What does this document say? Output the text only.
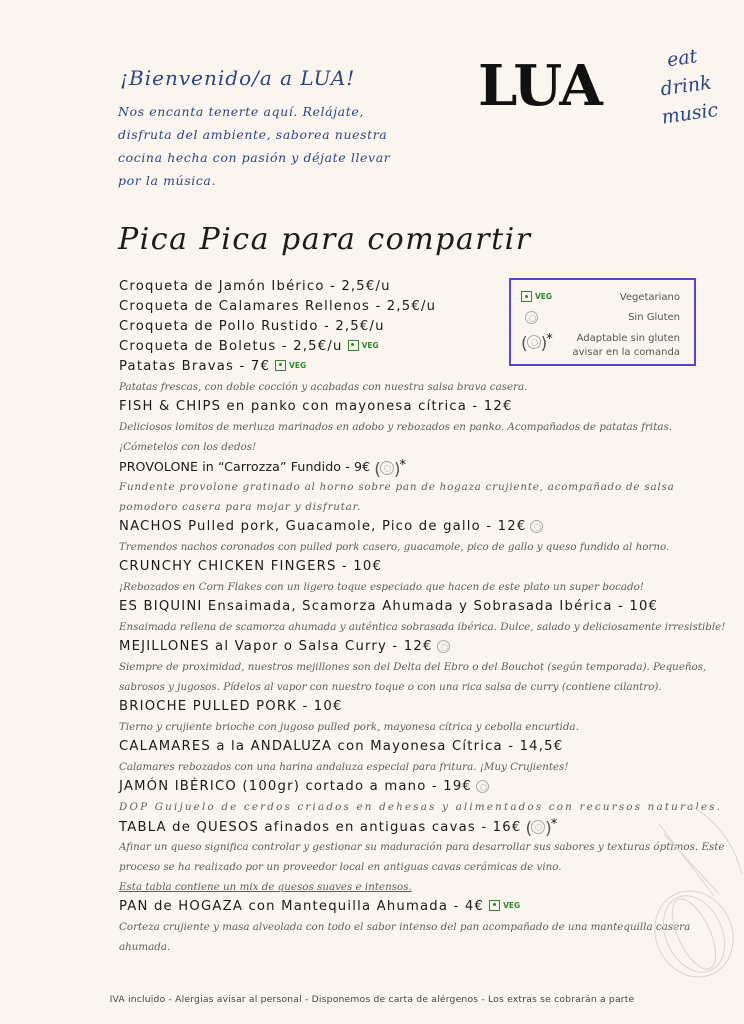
¡Bienvenido/a a LUA!
Nos encanta tenerte aquí. Relájate,
disfruta del ambiente, saborea nuestra
cocina hecha con pasión y déjate llevar
por la música.
LUA	eat
drink
music
Pica Pica para compartir
VEG	Vegetariano
Sin Gluten
( )* Adaptable sin gluten
avisar en la comanda
Croqueta de Jamón Ibérico - 2,5€/u
Croqueta de Calamares Rellenos - 2,5€/u
Croqueta de Pollo Rustido - 2,5€/u
Croqueta de Boletus - 2,5€/u	VEG
Patatas Bravas - 7€	VEG
Patatas frescas, con doble cocción y acabadas con nuestra salsa brava casera.
FISH & CHIPS en panko con mayonesa cítrica - 12€
Deliciosos lomitos de merluza marinados en adobo y rebozados en panko. Acompañados de patatas fritas.
¡Cómetelos con los dedos!
PROVOLONE in “Carrozza” Fundido - 9€ ( )*
Fundente provolone gratinado al horno sobre pan de hogaza crujiente, acompañado de salsa
pomodoro casera para mojar y disfrutar.
NACHOS Pulled pork, Guacamole, Pico de gallo - 12€
Tremendos nachos coronados con pulled pork casero, guacamole, pico de gallo y queso fundido al horno.
CRUNCHY CHICKEN FINGERS - 10€
¡Rebozados en Corn Flakes con un ligero toque especiado que hacen de este plato un super bocado!
ES BIQUINI Ensaimada, Scamorza Ahumada y Sobrasada Ibérica - 10€
Ensaimada rellena de scamorza ahumada y auténtica sobrasada ibérica. Dulce, salado y deliciosamente irresistible!
MEJILLONES al Vapor o Salsa Curry - 12€
Siempre de proximidad, nuestros mejillones son del Delta del Ebro o del Bouchot (según temporada). Pequeños,
sabrosos y jugosos. Pídelos al vapor con nuestro toque o con una rica salsa de curry (contiene cilantro).
BRIOCHE PULLED PORK - 10€
Tierno y crujiente brioche con jugoso pulled pork, mayonesa cítrica y cebolla encurtida.
CALAMARES a la ANDALUZA con Mayonesa Cítrica - 14,5€
Calamares rebozados con una harina andaluza especial para fritura. ¡Muy Crujientes!
JAMÓN IBÉRICO (100gr) cortado a mano - 19€
DOP Guijuelo de cerdos criados en dehesas y alimentados con recursos naturales.
TABLA de QUESOS afinados en antiguas cavas - 16€ ( )*
Afinar un queso significa controlar y gestionar su maduración para desarrollar sus sabores y texturas óptimos. Este
proceso se ha realizado por un proveedor local en antiguas cavas cerámicas de vino.
Esta tabla contiene un mix de quesos suaves e intensos.
PAN de HOGAZA con Mantequilla Ahumada - 4€	VEG
Corteza crujiente y masa alveolada con todo el sabor intenso del pan acompañado de una mantequilla casera
ahumada.
IVA incluido - Alergias avisar al personal - Disponemos de carta de alérgenos - Los extras se cobrarán a parte
